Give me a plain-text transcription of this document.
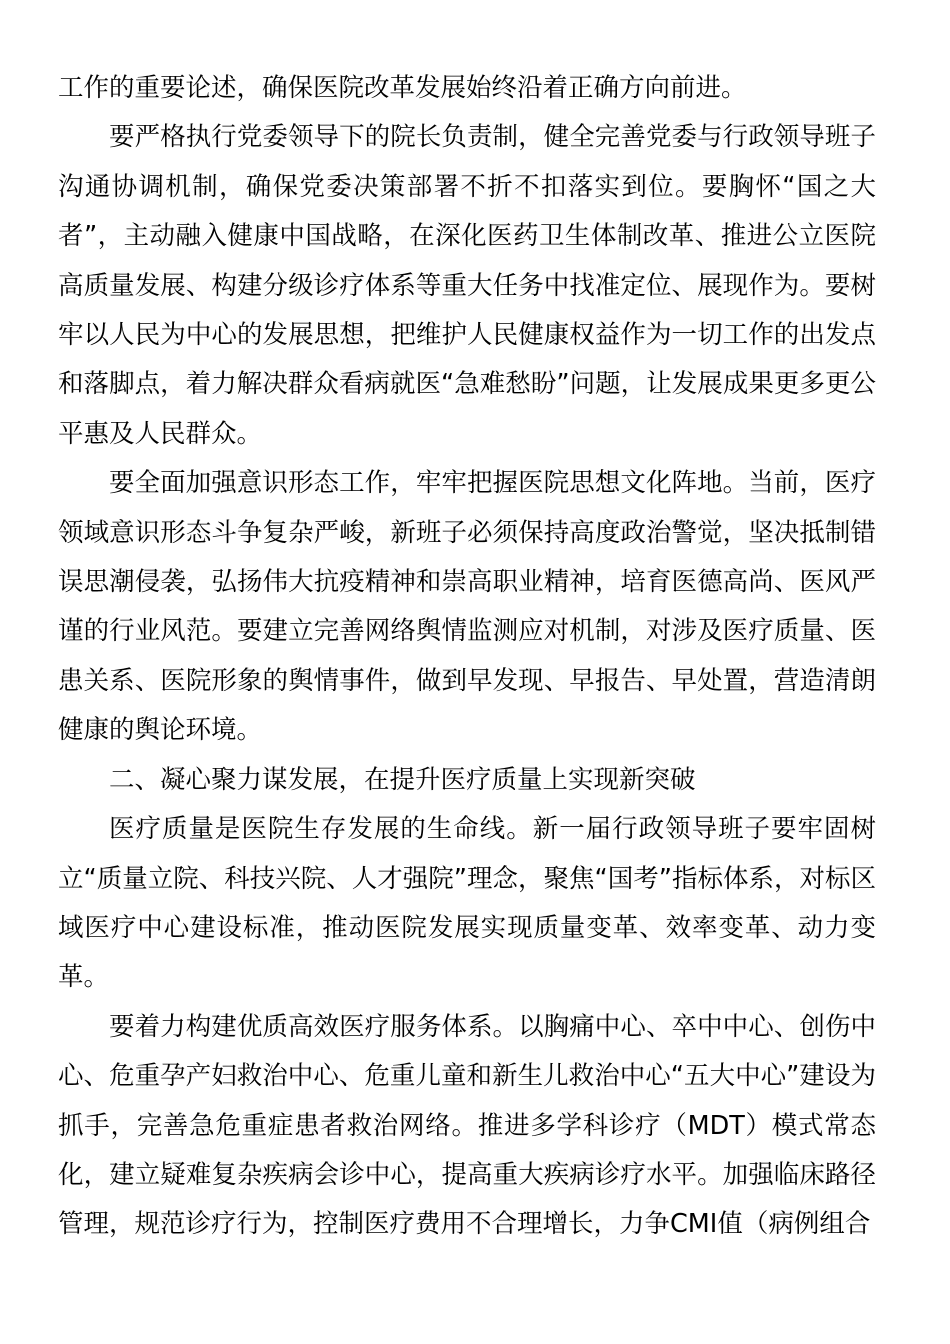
工作的重要论述，确保医院改革发展始终沿着正确方向前进。

要严格执行党委领导下的院长负责制，健全完善党委与行政领导班子沟通协调机制，确保党委决策部署不折不扣落实到位。要胸怀“国之大者”，主动融入健康中国战略，在深化医药卫生体制改革、推进公立医院高质量发展、构建分级诊疗体系等重大任务中找准定位、展现作为。要树牢以人民为中心的发展思想，把维护人民健康权益作为一切工作的出发点和落脚点，着力解决群众看病就医“急难愁盼”问题，让发展成果更多更公平惠及人民群众。

要全面加强意识形态工作，牢牢把握医院思想文化阵地。当前，医疗领域意识形态斗争复杂严峻，新班子必须保持高度政治警觉，坚决抵制错误思潮侵袭，弘扬伟大抗疫精神和崇高职业精神，培育医德高尚、医风严谨的行业风范。要建立完善网络舆情监测应对机制，对涉及医疗质量、医患关系、医院形象的舆情事件，做到早发现、早报告、早处置，营造清朗健康的舆论环境。

二、凝心聚力谋发展，在提升医疗质量上实现新突破

医疗质量是医院生存发展的生命线。新一届行政领导班子要牢固树立“质量立院、科技兴院、人才强院”理念，聚焦“国考”指标体系，对标区域医疗中心建设标准，推动医院发展实现质量变革、效率变革、动力变革。

要着力构建优质高效医疗服务体系。以胸痛中心、卒中中心、创伤中心、危重孕产妇救治中心、危重儿童和新生儿救治中心“五大中心”建设为抓手，完善急危重症患者救治网络。推进多学科诊疗（MDT）模式常态化，建立疑难复杂疾病会诊中心，提高重大疾病诊疗水平。加强临床路径管理，规范诊疗行为，控制医疗费用不合理增长，力争CMI值（病例组合
